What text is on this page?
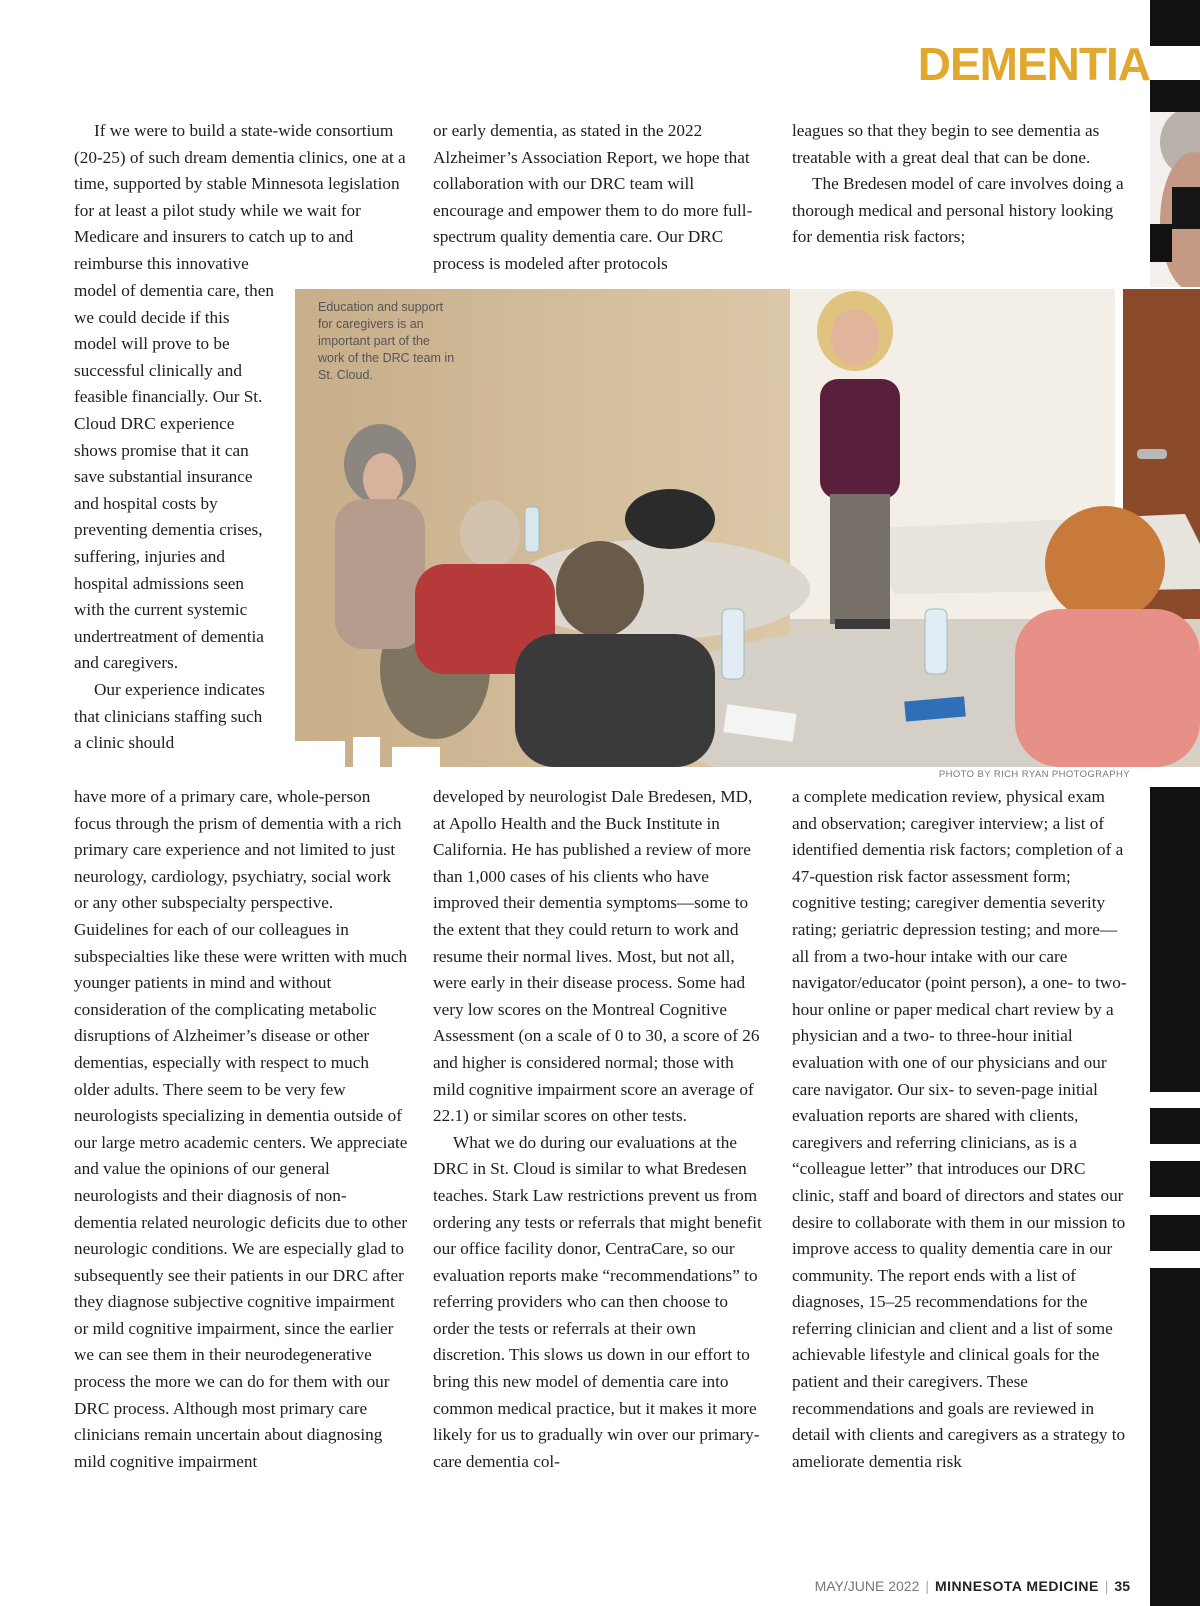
DEMENTIA

If we were to build a state-wide consortium (20-25) of such dream dementia clinics, one at a time, supported by stable Minnesota legislation for at least a pilot study while we wait for Medicare and insurers to catch up to and reimburse this innovative

model of dementia care, then we could decide if this model will prove to be successful clinically and feasible financially. Our St. Cloud DRC experience shows promise that it can save substantial insurance and hospital costs by preventing dementia crises, suffering, injuries and hospital admissions seen with the current systemic undertreatment of dementia and caregivers.

Our experience indicates that clinicians staffing such a clinic should

have more of a primary care, whole-person focus through the prism of dementia with a rich primary care experience and not limited to just neurology, cardiology, psychiatry, social work or any other subspecialty perspective. Guidelines for each of our colleagues in subspecialties like these were written with much younger patients in mind and without consideration of the complicating metabolic disruptions of Alzheimer’s disease or other dementias, especially with respect to much older adults. There seem to be very few neurologists specializing in dementia outside of our large metro academic centers. We appreciate and value the opinions of our general neurologists and their diagnosis of non-dementia related neurologic deficits due to other neurologic conditions. We are especially glad to subsequently see their patients in our DRC after they diagnose subjective cognitive impairment or mild cognitive impairment, since the earlier we can see them in their neurodegenerative process the more we can do for them with our DRC process. Although most primary care clinicians remain uncertain about diagnosing mild cognitive impairment

or early dementia, as stated in the 2022 Alzheimer’s Association Report, we hope that collaboration with our DRC team will encourage and empower them to do more full-spectrum quality dementia care. Our DRC process is modeled after protocols

developed by neurologist Dale Bredesen, MD, at Apollo Health and the Buck Institute in California. He has published a review of more than 1,000 cases of his clients who have improved their dementia symptoms—some to the extent that they could return to work and resume their normal lives. Most, but not all, were early in their disease process. Some had very low scores on the Montreal Cognitive Assessment (on a scale of 0 to 30, a score of 26 and higher is considered normal; those with mild cognitive impairment score an average of 22.1) or similar scores on other tests.

What we do during our evaluations at the DRC in St. Cloud is similar to what Bredesen teaches. Stark Law restrictions prevent us from ordering any tests or referrals that might benefit our office facility donor, CentraCare, so our evaluation reports make “recommendations” to referring providers who can then choose to order the tests or referrals at their own discretion. This slows us down in our effort to bring this new model of dementia care into common medical practice, but it makes it more likely for us to gradually win over our primary-care dementia col-

leagues so that they begin to see dementia as treatable with a great deal that can be done.

The Bredesen model of care involves doing a thorough medical and personal history looking for dementia risk factors;

a complete medication review, physical exam and observation; caregiver interview; a list of identified dementia risk factors; completion of a 47-question risk factor assessment form; cognitive testing; caregiver dementia severity rating; geriatric depression testing; and more—all from a two-hour intake with our care navigator/educator (point person), a one- to two-hour online or paper medical chart review by a physician and a two- to three-hour initial evaluation with one of our physicians and our care navigator. Our six- to seven-page initial evaluation reports are shared with clients, caregivers and referring clinicians, as is a “colleague letter” that introduces our DRC clinic, staff and board of directors and states our desire to collaborate with them in our mission to improve access to quality dementia care in our community. The report ends with a list of diagnoses, 15–25 recommendations for the referring clinician and client and a list of some achievable lifestyle and clinical goals for the patient and their caregivers. These recommendations and goals are reviewed in detail with clients and caregivers as a strategy to ameliorate dementia risk

Education and support for caregivers is an important part of the work of the DRC team in St. Cloud.
PHOTO BY RICH RYAN PHOTOGRAPHY
MAY/JUNE 2022 | MINNESOTA MEDICINE | 35
